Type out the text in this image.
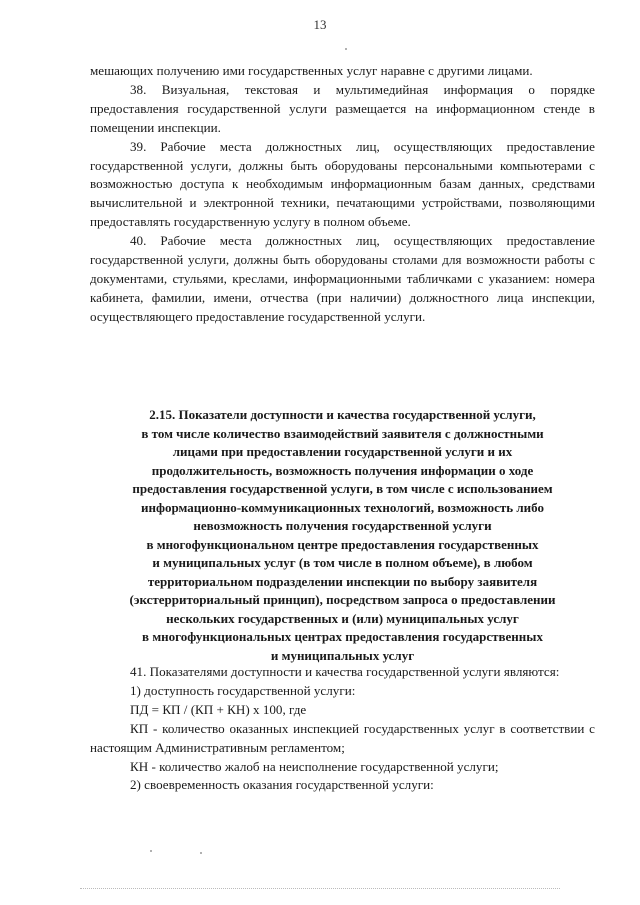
13

мешающих получению ими государственных услуг наравне с другими лицами.

38. Визуальная, текстовая и мультимедийная информация о порядке предоставления государственной услуги размещается на информационном стенде в помещении инспекции.

39. Рабочие места должностных лиц, осуществляющих предоставление государственной услуги, должны быть оборудованы персональными компьютерами с возможностью доступа к необходимым информационным базам данных, средствами вычислительной и электронной техники, печатающими устройствами, позволяющими предоставлять государственную услугу в полном объеме.

40. Рабочие места должностных лиц, осуществляющих предоставление государственной услуги, должны быть оборудованы столами для возможности работы с документами, стульями, креслами, информационными табличками с указанием: номера кабинета, фамилии, имени, отчества (при наличии) должностного лица инспекции, осуществляющего предоставление государственной услуги.

2.15. Показатели доступности и качества государственной услуги,
в том числе количество взаимодействий заявителя с должностными
лицами при предоставлении государственной услуги и их
продолжительность, возможность получения информации о ходе
предоставления государственной услуги, в том числе с использованием
информационно-коммуникационных технологий, возможность либо
невозможность получения государственной услуги
в многофункциональном центре предоставления государственных
и муниципальных услуг (в том числе в полном объеме), в любом
территориальном подразделении инспекции по выбору заявителя
(экстерриториальный принцип), посредством запроса о предоставлении
нескольких государственных и (или) муниципальных услуг
в многофункциональных центрах предоставления государственных
и муниципальных услуг

41. Показателями доступности и качества государственной услуги являются:

1) доступность государственной услуги:

ПД = КП / (КП + КН) х 100, где

КП - количество оказанных инспекцией государственных услуг в соответствии с настоящим Административным регламентом;

КН - количество жалоб на неисполнение государственной услуги;

2) своевременность оказания государственной услуги:
